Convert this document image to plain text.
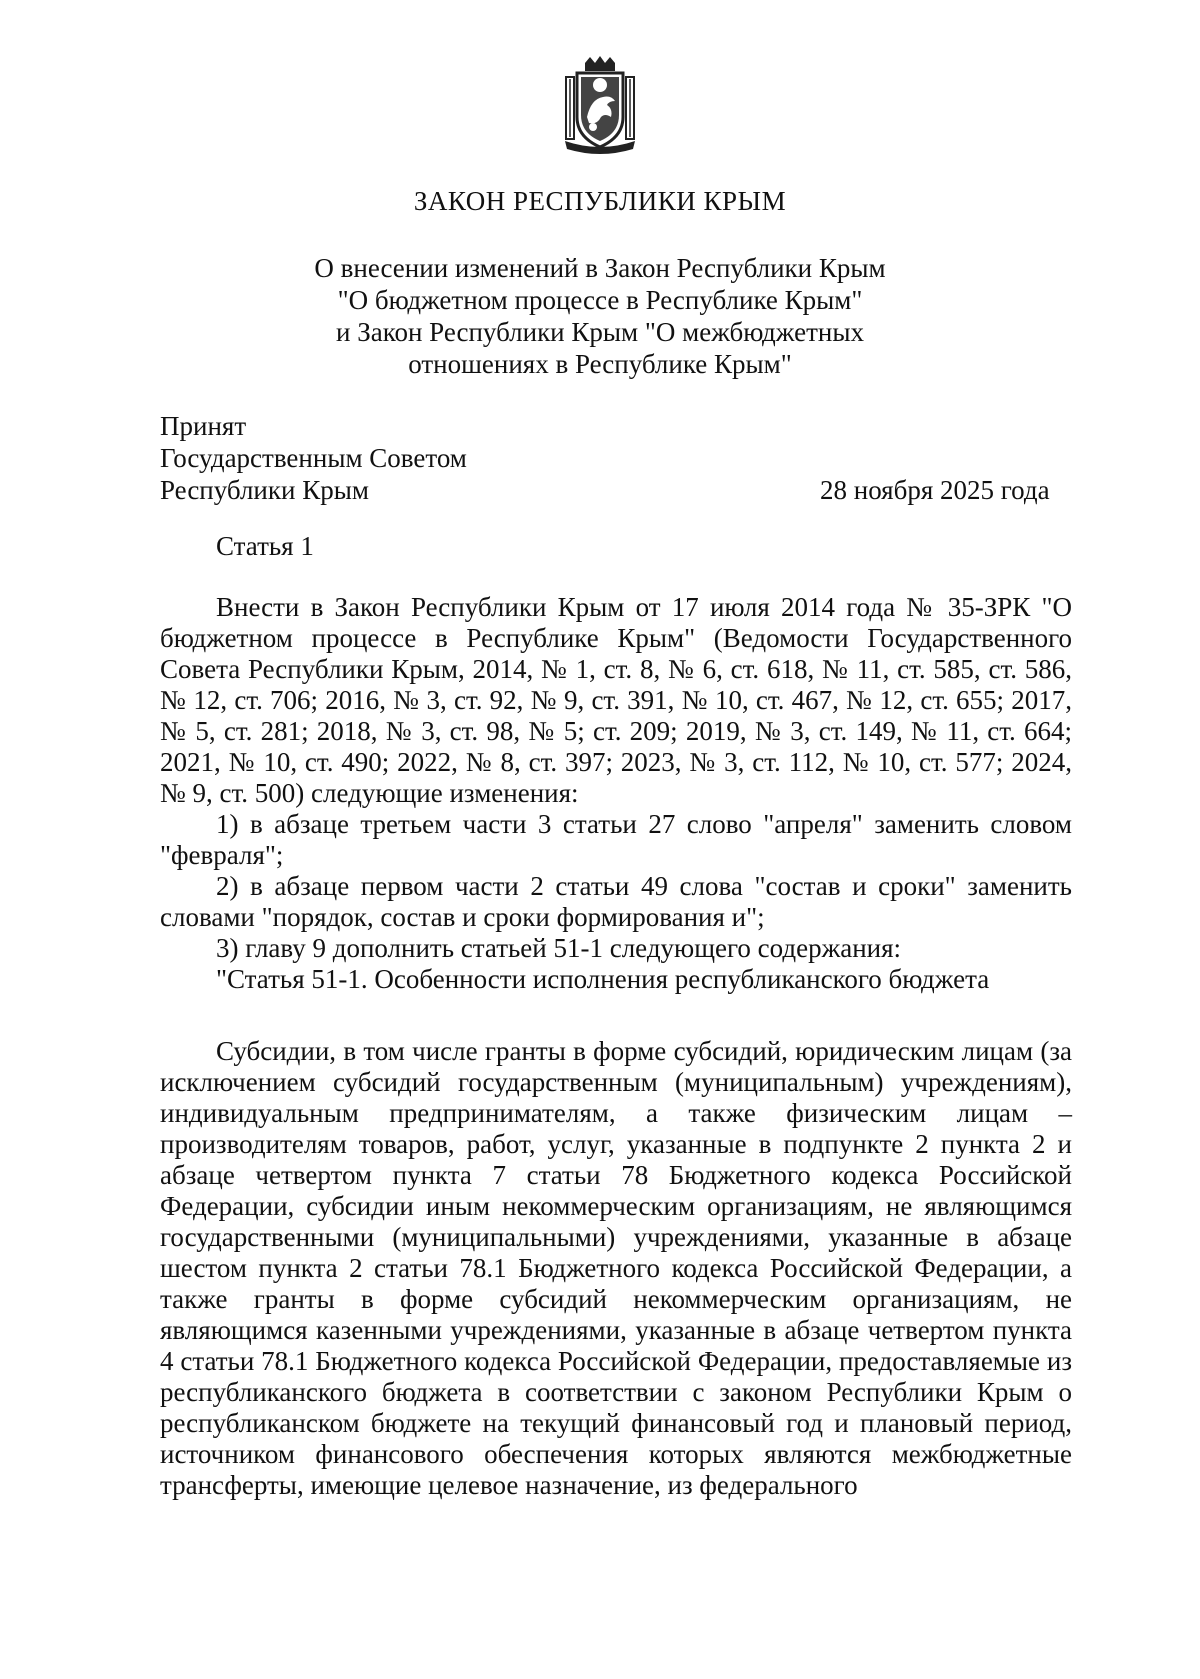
ЗАКОН РЕСПУБЛИКИ КРЫМ
О внесении изменений в Закон Республики Крым
"О бюджетном процессе в Республике Крым"
и Закон Республики Крым "О межбюджетных
отношениях в Республике Крым"
Принят
Государственным Советом
Республики Крым	28 ноября 2025 года
Статья 1

Внести в Закон Республики Крым от 17 июля 2014 года № 35-ЗРК "О бюджетном процессе в Республике Крым" (Ведомости Государственного Совета Республики Крым, 2014, № 1, ст. 8, № 6, ст. 618, № 11, ст. 585, ст. 586, № 12, ст. 706; 2016, № 3, ст. 92, № 9, ст. 391, № 10, ст. 467, № 12, ст. 655; 2017, № 5, ст. 281; 2018, № 3, ст. 98, № 5; ст. 209; 2019, № 3, ст. 149, № 11, ст. 664; 2021, № 10, ст. 490; 2022, № 8, ст. 397; 2023, № 3, ст. 112, № 10, ст. 577; 2024, № 9, ст. 500) следующие изменения:

1) в абзаце третьем части 3 статьи 27 слово "апреля" заменить словом "февраля";

2) в абзаце первом части 2 статьи 49 слова "состав и сроки" заменить словами "порядок, состав и сроки формирования и";

3) главу 9 дополнить статьей 51-1 следующего содержания:

"Статья 51-1. Особенности исполнения республиканского бюджета

Субсидии, в том числе гранты в форме субсидий, юридическим лицам (за исключением субсидий государственным (муниципальным) учреждениям), индивидуальным предпринимателям, а также физическим лицам – производителям товаров, работ, услуг, указанные в подпункте 2 пункта 2 и абзаце четвертом пункта 7 статьи 78 Бюджетного кодекса Российской Федерации, субсидии иным некоммерческим организациям, не являющимся государственными (муниципальными) учреждениями, указанные в абзаце шестом пункта 2 статьи 78.1 Бюджетного кодекса Российской Федерации, а также гранты в форме субсидий некоммерческим организациям, не являющимся казенными учреждениями, указанные в абзаце четвертом пункта 4 статьи 78.1 Бюджетного кодекса Российской Федерации, предоставляемые из республиканского бюджета в соответствии с законом Республики Крым о республиканском бюджете на текущий финансовый год и плановый период, источником финансового обеспечения которых являются межбюджетные трансферты, имеющие целевое назначение, из федерального
